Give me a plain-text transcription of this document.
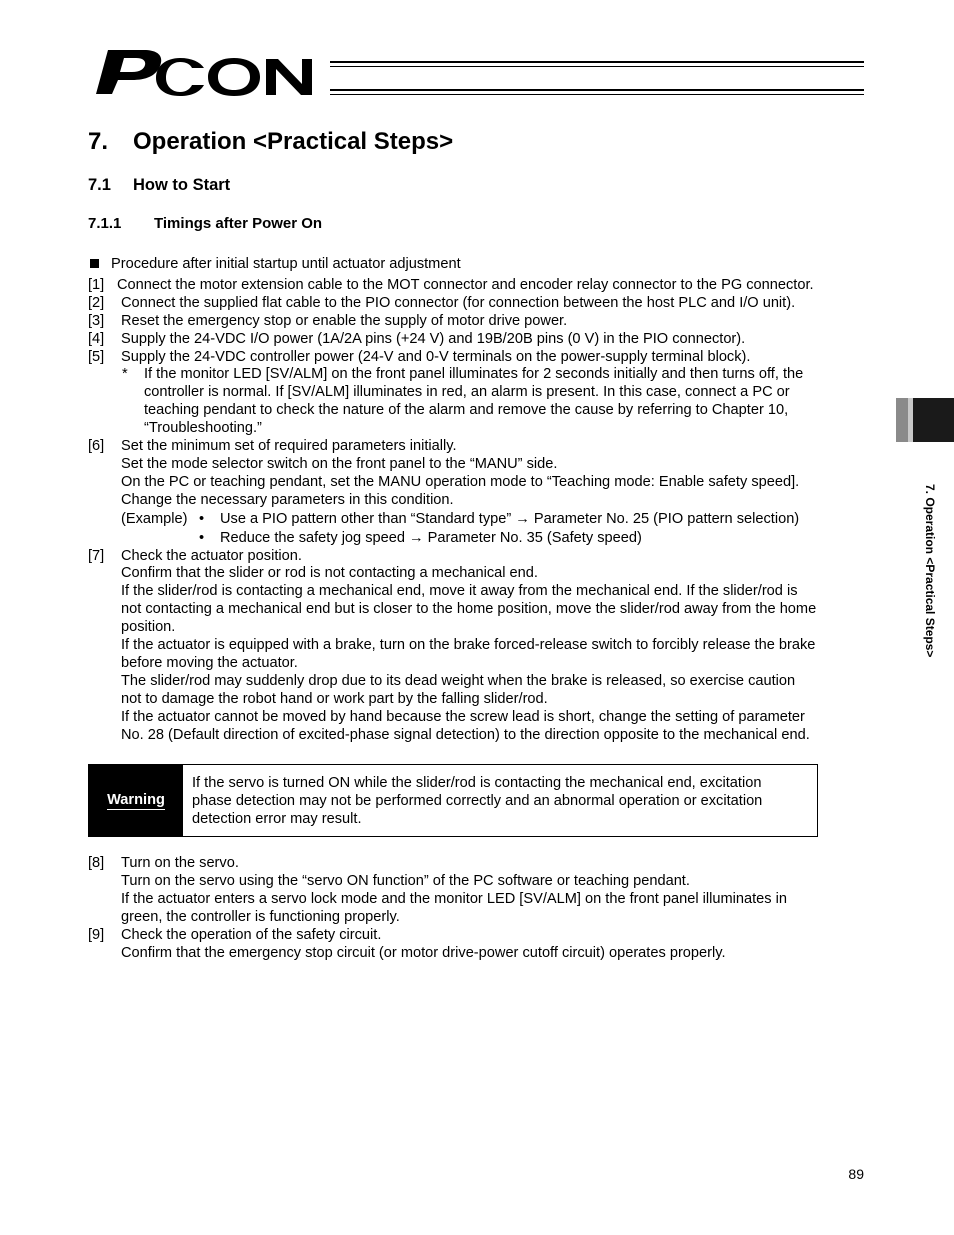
7. Operation <Practical Steps>
7.1 How to Start
7.1.1 Timings after Power On
Procedure after initial startup until actuator adjustment
[1] Connect the motor extension cable to the MOT connector and encoder relay connector to the PG connector.
[2]	Connect the supplied flat cable to the PIO connector (for connection between the host PLC and I/O unit).
[3]	Reset the emergency stop or enable the supply of motor drive power.
[4]	Supply the 24-VDC I/O power (1A/2A pins (+24 V) and 19B/20B pins (0 V) in the PIO connector).
[5]	Supply the 24-VDC controller power (24-V and 0-V terminals on the power-supply terminal block).
* If the monitor LED [SV/ALM] on the front panel illuminates for 2 seconds initially and then turns off, the
controller is normal. If [SV/ALM] illuminates in red, an alarm is present. In this case, connect a PC or
teaching pendant to check the nature of the alarm and remove the cause by referring to Chapter 10,
“Troubleshooting.”
[6]	Set the minimum set of required parameters initially.
Set the mode selector switch on the front panel to the “MANU” side.
On the PC or teaching pendant, set the MANU operation mode to “Teaching mode: Enable safety speed].
Change the necessary parameters in this condition.
(Example) • Use a PIO pattern other than “Standard type” → Parameter No. 25 (PIO pattern selection)
• Reduce the safety jog speed → Parameter No. 35 (Safety speed)
[7]	Check the actuator position.
Confirm that the slider or rod is not contacting a mechanical end.
If the slider/rod is contacting a mechanical end, move it away from the mechanical end. If the slider/rod is
not contacting a mechanical end but is closer to the home position, move the slider/rod away from the home
position.
If the actuator is equipped with a brake, turn on the brake forced-release switch to forcibly release the brake
before moving the actuator.
The slider/rod may suddenly drop due to its dead weight when the brake is released, so exercise caution
not to damage the robot hand or work part by the falling slider/rod.
If the actuator cannot be moved by hand because the screw lead is short, change the setting of parameter
No. 28 (Default direction of excited-phase signal detection) to the direction opposite to the mechanical end.
Warning
If the servo is turned ON while the slider/rod is contacting the mechanical end, excitation
phase detection may not be performed correctly and an abnormal operation or excitation
detection error may result.
[8]	Turn on the servo.
Turn on the servo using the “servo ON function” of the PC software or teaching pendant.
If the actuator enters a servo lock mode and the monitor LED [SV/ALM] on the front panel illuminates in
green, the controller is functioning properly.
[9]	Check the operation of the safety circuit.
Confirm that the emergency stop circuit (or motor drive-power cutoff circuit) operates properly.
7. Operation <Practical Steps>
89
